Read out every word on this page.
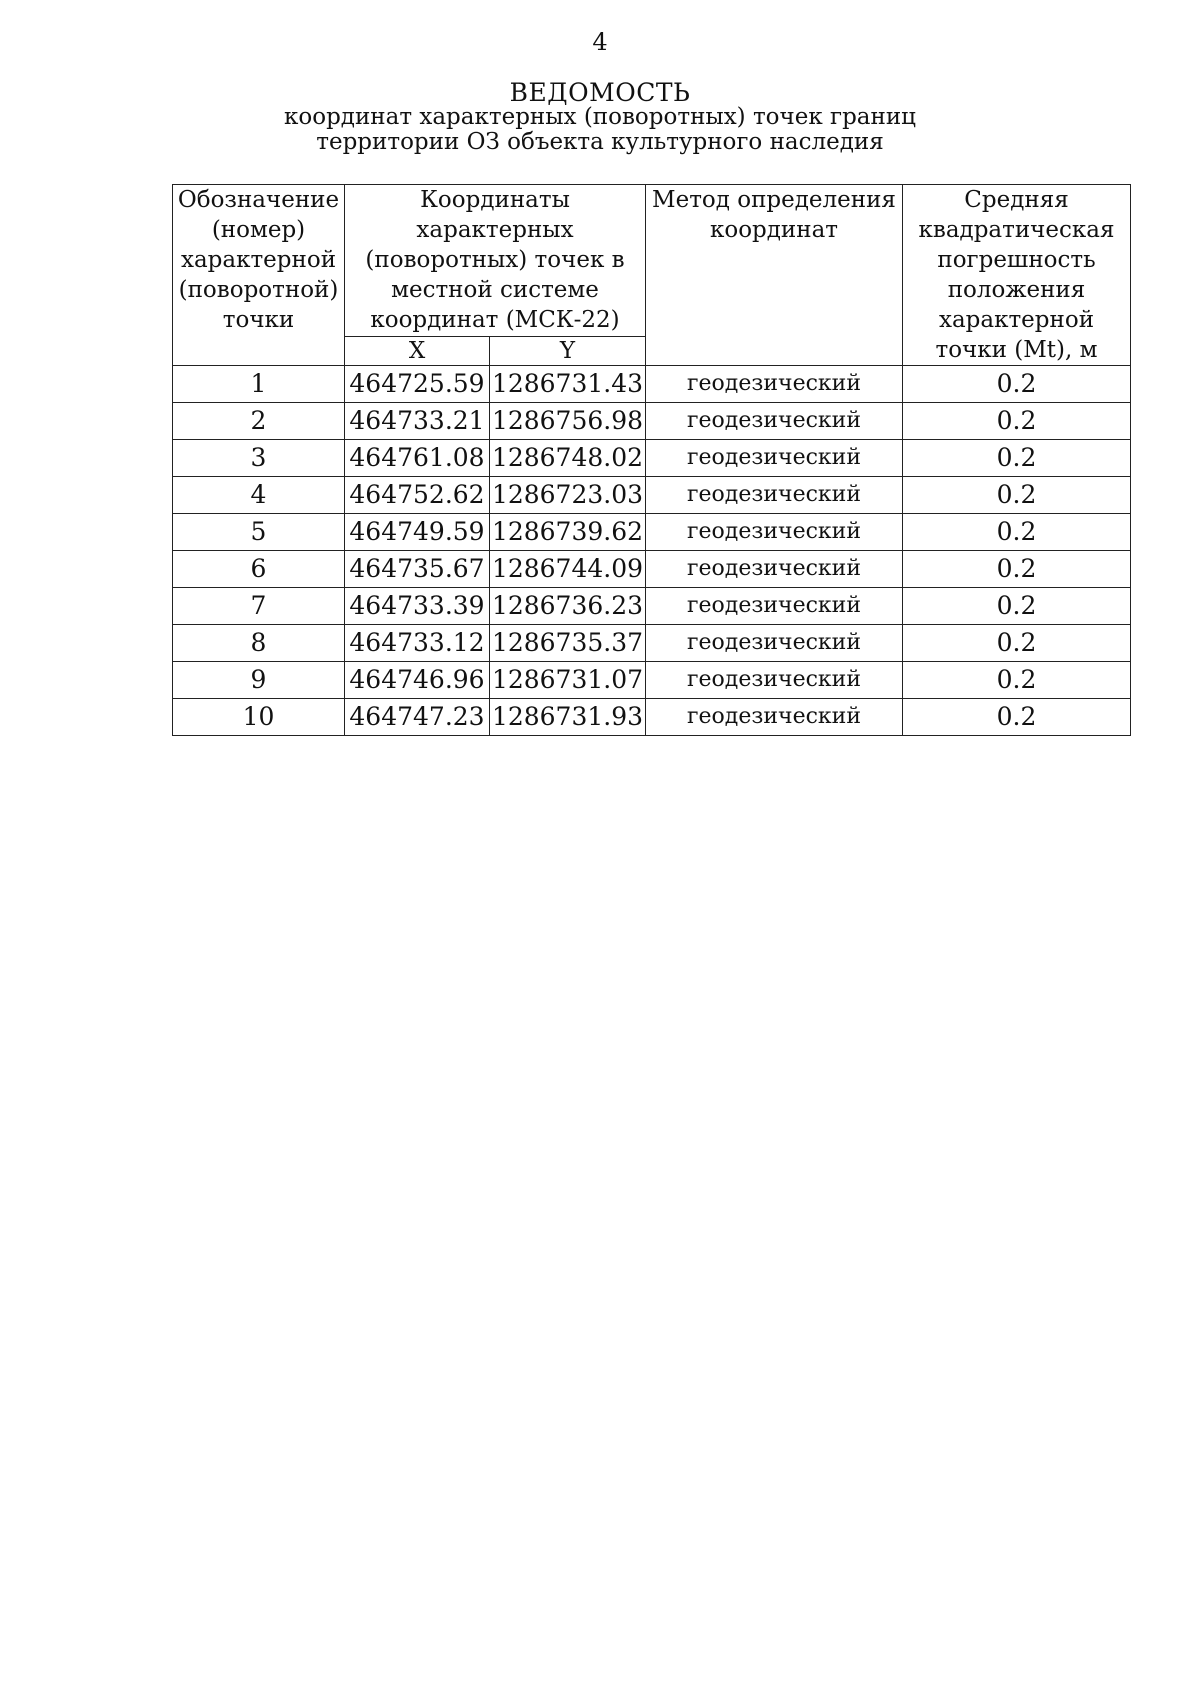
4
ВЕДОМОСТЬ
координат характерных (поворотных) точек границ
территории ОЗ объекта культурного наследия
Обозначение (номер) характерной (поворотной) точки	Координаты характерных (поворотных) точек в местной системе координат (МСК-22)		Метод определения координат	Средняя квадратическая погрешность положения характерной точки (Mt), м
	X	Y		
1	464725.59	1286731.43	геодезический	0.2
2	464733.21	1286756.98	геодезический	0.2
3	464761.08	1286748.02	геодезический	0.2
4	464752.62	1286723.03	геодезический	0.2
5	464749.59	1286739.62	геодезический	0.2
6	464735.67	1286744.09	геодезический	0.2
7	464733.39	1286736.23	геодезический	0.2
8	464733.12	1286735.37	геодезический	0.2
9	464746.96	1286731.07	геодезический	0.2
10	464747.23	1286731.93	геодезический	0.2
